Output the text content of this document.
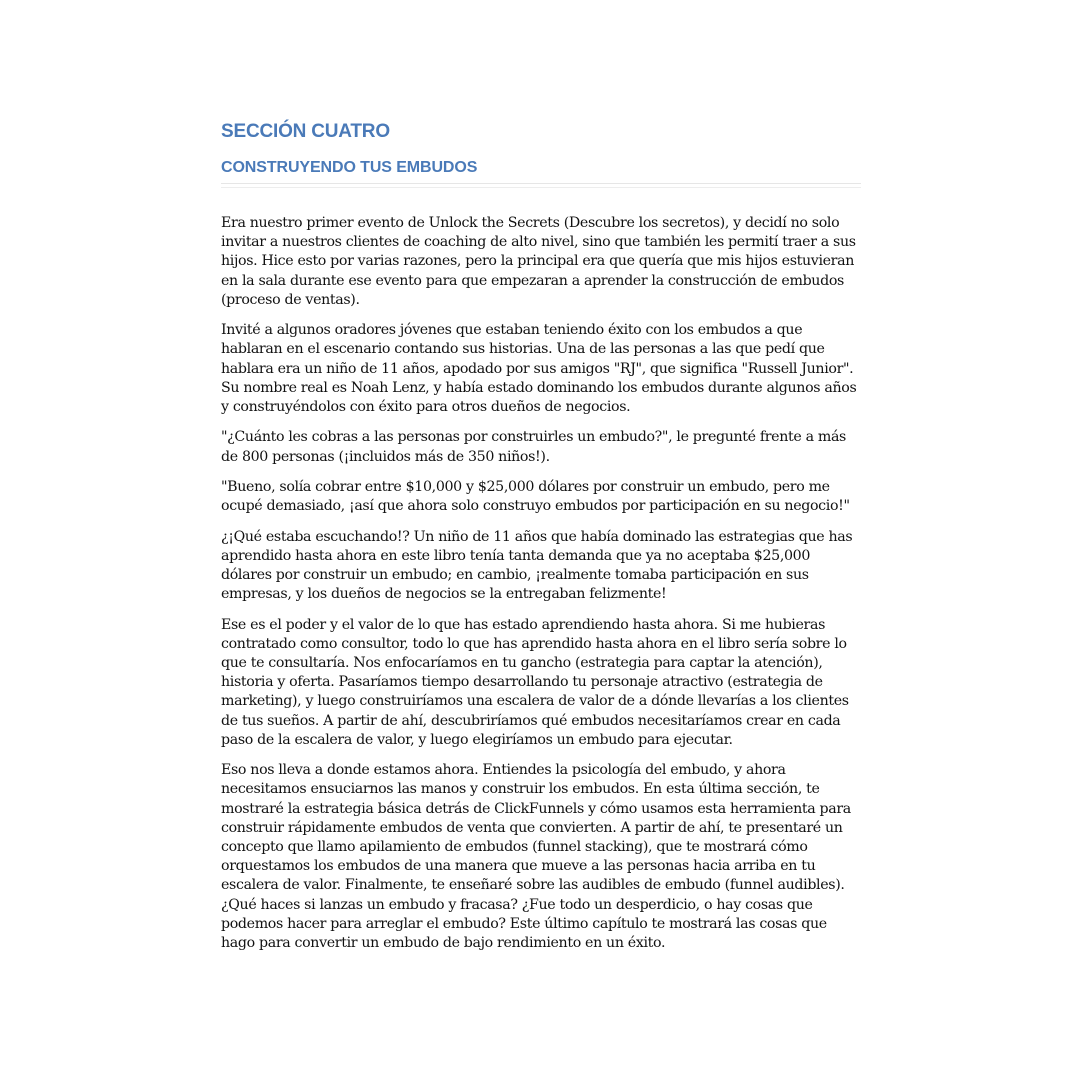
SECCIÓN CUATRO
CONSTRUYENDO TUS EMBUDOS

Era nuestro primer evento de Unlock the Secrets (Descubre los secretos), y decidí no solo invitar a nuestros clientes de coaching de alto nivel, sino que también les permití traer a sus hijos. Hice esto por varias razones, pero la principal era que quería que mis hijos estuvieran en la sala durante ese evento para que empezaran a aprender la construcción de embudos (proceso de ventas).

Invité a algunos oradores jóvenes que estaban teniendo éxito con los embudos a que hablaran en el escenario contando sus historias. Una de las personas a las que pedí que hablara era un niño de 11 años, apodado por sus amigos "RJ", que significa "Russell Junior". Su nombre real es Noah Lenz, y había estado dominando los embudos durante algunos años y construyéndolos con éxito para otros dueños de negocios.

"¿Cuánto les cobras a las personas por construirles un embudo?", le pregunté frente a más de 800 personas (¡incluidos más de 350 niños!).

"Bueno, solía cobrar entre $10,000 y $25,000 dólares por construir un embudo, pero me ocupé demasiado, ¡así que ahora solo construyo embudos por participación en su negocio!"

¿¡Qué estaba escuchando!? Un niño de 11 años que había dominado las estrategias que has aprendido hasta ahora en este libro tenía tanta demanda que ya no aceptaba $25,000 dólares por construir un embudo; en cambio, ¡realmente tomaba participación en sus empresas, y los dueños de negocios se la entregaban felizmente!

Ese es el poder y el valor de lo que has estado aprendiendo hasta ahora. Si me hubieras contratado como consultor, todo lo que has aprendido hasta ahora en el libro sería sobre lo que te consultaría. Nos enfocaríamos en tu gancho (estrategia para captar la atención), historia y oferta. Pasaríamos tiempo desarrollando tu personaje atractivo (estrategia de marketing), y luego construiríamos una escalera de valor de a dónde llevarías a los clientes de tus sueños. A partir de ahí, descubriríamos qué embudos necesitaríamos crear en cada paso de la escalera de valor, y luego elegiríamos un embudo para ejecutar.

Eso nos lleva a donde estamos ahora. Entiendes la psicología del embudo, y ahora necesitamos ensuciarnos las manos y construir los embudos. En esta última sección, te mostraré la estrategia básica detrás de ClickFunnels y cómo usamos esta herramienta para construir rápidamente embudos de venta que convierten. A partir de ahí, te presentaré un concepto que llamo apilamiento de embudos (funnel stacking), que te mostrará cómo orquestamos los embudos de una manera que mueve a las personas hacia arriba en tu escalera de valor. Finalmente, te enseñaré sobre las audibles de embudo (funnel audibles). ¿Qué haces si lanzas un embudo y fracasa? ¿Fue todo un desperdicio, o hay cosas que podemos hacer para arreglar el embudo? Este último capítulo te mostrará las cosas que hago para convertir un embudo de bajo rendimiento en un éxito.
